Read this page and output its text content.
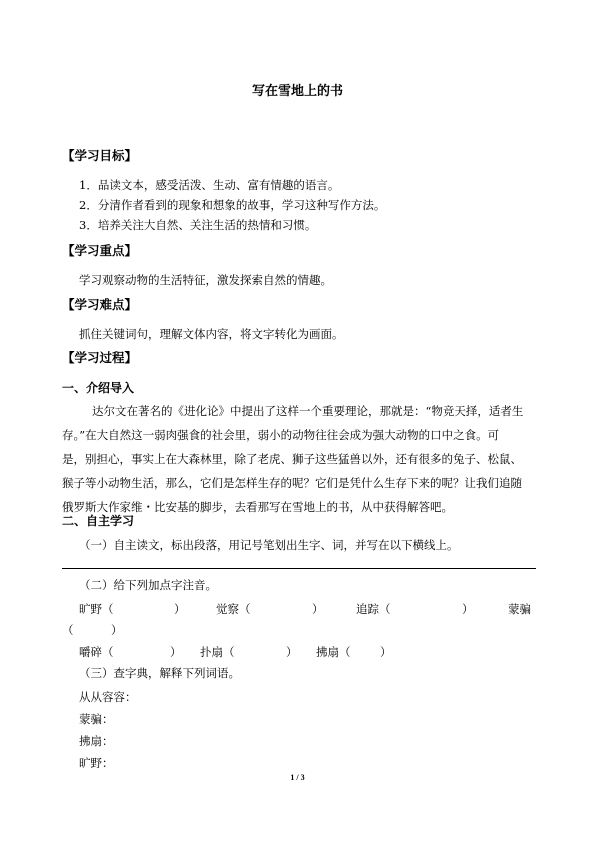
写在雪地上的书
【学习目标】
1．品读文本，感受活泼、生动、富有情趣的语言。
2．分清作者看到的现象和想象的故事，学习这种写作方法。
3．培养关注大自然、关注生活的热情和习惯。
【学习重点】
学习观察动物的生活特征，激发探索自然的情趣。
【学习难点】
抓住关键词句，理解文体内容，将文字转化为画面。
【学习过程】
一、介绍导入
达尔文在著名的《进化论》中提出了这样一个重要理论，那就是：“物竞天择，适者生
存。”在大自然这一弱肉强食的社会里，弱小的动物往往会成为强大动物的口中之食。可
是，别担心，事实上在大森林里，除了老虎、狮子这些猛兽以外，还有很多的兔子、松鼠、
猴子等小动物生活，那么，它们是怎样生存的呢？它们是凭什么生存下来的呢？让我们追随
俄罗斯大作家维・比安基的脚步，去看那写在雪地上的书，从中获得解答吧。
二、自主学习
（一）自主读文，标出段落，用记号笔划出生字、词，并写在以下横线上。
（二）给下列加点字注音。
旷野（	）	觉察（	）	追踪（	）	蒙骗
（	）
嚼碎（	） 扑扇（	） 拂扇（	）
（三）查字典，解释下列词语。
从从容容：
蒙骗：
拂扇：
旷野：
1 / 3
